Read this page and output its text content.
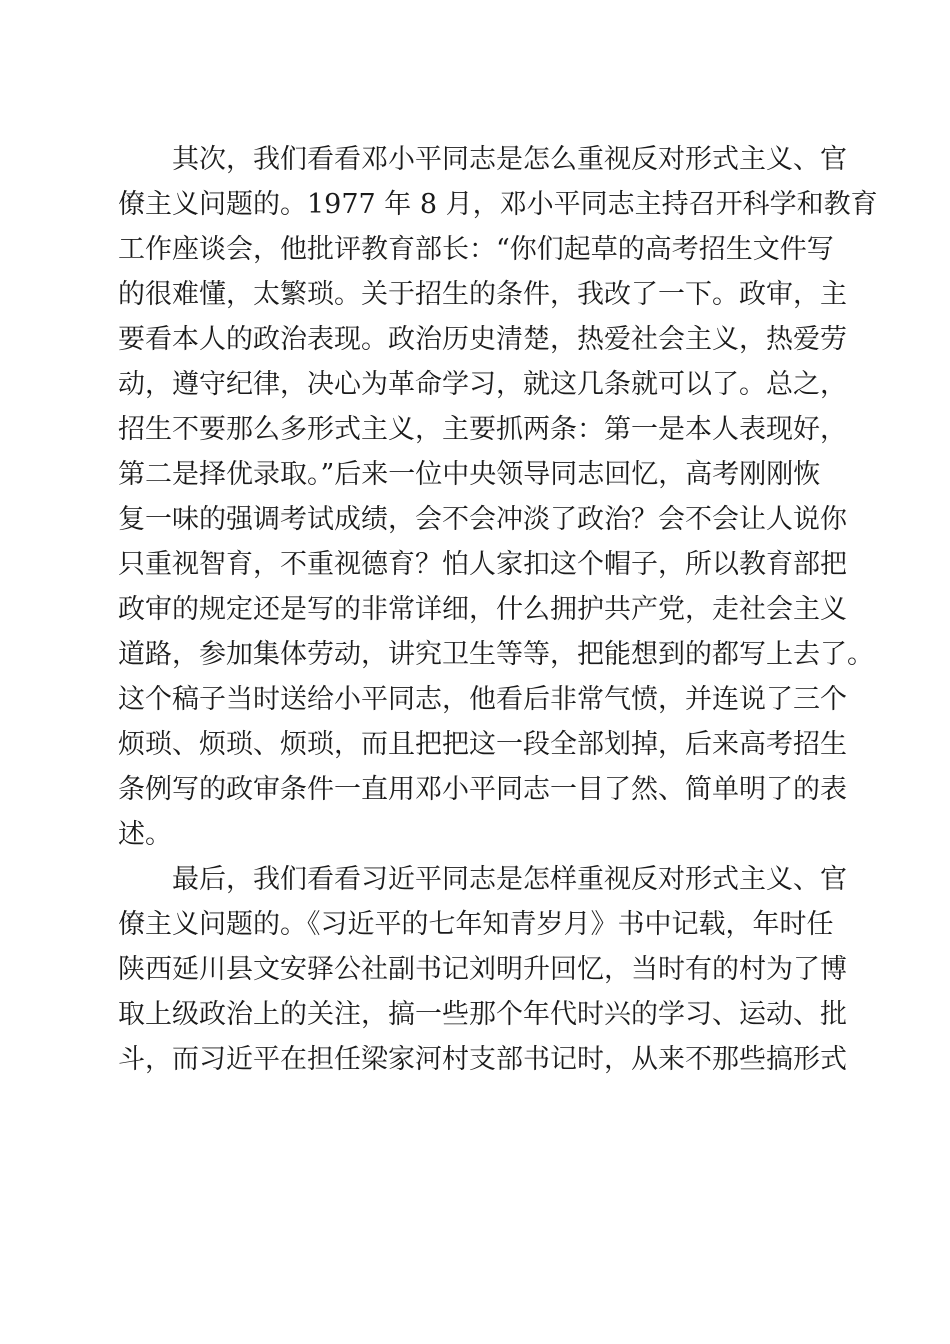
其次，我们看看邓小平同志是怎么重视反对形式主义、官
僚主义问题的。1977 年 8 月，邓小平同志主持召开科学和教育
工作座谈会，他批评教育部长：“你们起草的高考招生文件写
的很难懂，太繁琐。关于招生的条件，我改了一下。政审，主
要看本人的政治表现。政治历史清楚，热爱社会主义，热爱劳
动，遵守纪律，决心为革命学习，就这几条就可以了。总之，
招生不要那么多形式主义，主要抓两条：第一是本人表现好，
第二是择优录取。”后来一位中央领导同志回忆，高考刚刚恢
复一味的强调考试成绩，会不会冲淡了政治？会不会让人说你
只重视智育，不重视德育？怕人家扣这个帽子，所以教育部把
政审的规定还是写的非常详细，什么拥护共产党，走社会主义
道路，参加集体劳动，讲究卫生等等，把能想到的都写上去了。
这个稿子当时送给小平同志，他看后非常气愤，并连说了三个
烦琐、烦琐、烦琐，而且把把这一段全部划掉，后来高考招生
条例写的政审条件一直用邓小平同志一目了然、简单明了的表
述。
最后，我们看看习近平同志是怎样重视反对形式主义、官
僚主义问题的。《习近平的七年知青岁月》书中记载，年时任
陕西延川县文安驿公社副书记刘明升回忆，当时有的村为了博
取上级政治上的关注，搞一些那个年代时兴的学习、运动、批
斗，而习近平在担任梁家河村支部书记时，从来不那些搞形式
